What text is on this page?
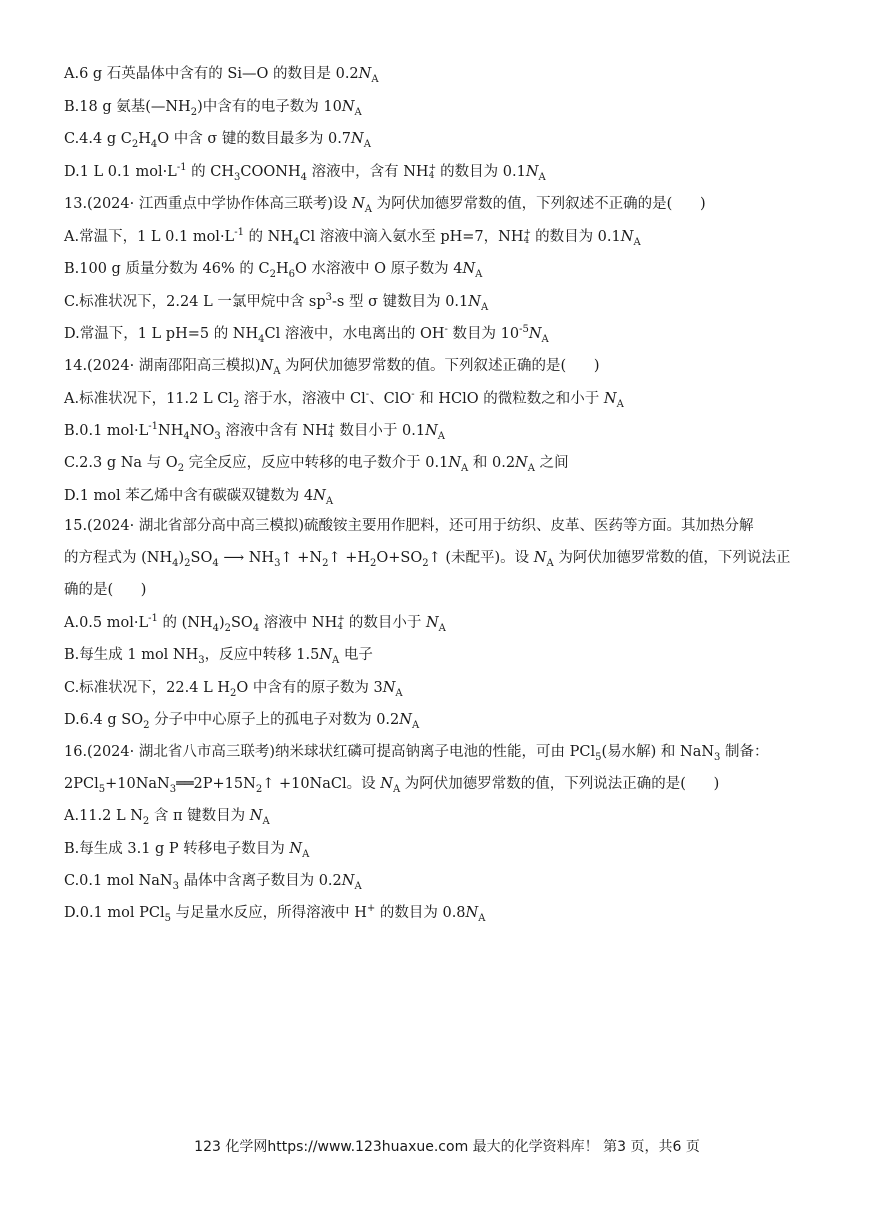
A.6 g 石英晶体中含有的 Si—O 的数目是 $0.2N_A$
B.18 g 氨基$(—NH_2)$中含有的电子数为 $10N_A$
C.4.4 g $C_2H_4O$ 中含 σ 键的数目最多为 $0.7N_A$
D.1 L 0.1 $mol\cdot L^{-1}$ 的 $CH_3COONH_4$ 溶液中，含有 NH +
4 的数目为 $0.1N_A$
13.(2024· 江西重点中学协作体高三联考)设 $N_A$ 为阿伏加德罗常数的值，下列叙述不正确的是(      )
A.常温下，1 L 0.1 $mol\cdot L^{-1}$ 的 $NH_4Cl$ 溶液中滴入氨水至 pH=7，NH +
4 的数目为 $0.1N_A$
B.100 g 质量分数为 46% 的 $C_2H_6O$ 水溶液中 O 原子数为 $4N_A$
C.标准状况下，2.24 L 一氯甲烷中含 $sp^3-s$ 型 σ 键数目为 $0.1N_A$
D.常温下，1 L pH=5 的 $NH_4Cl$ 溶液中，水电离出的 OH- 数目为 $10^{-5}N_A$
14.(2024· 湖南邵阳高三模拟)$N_A$ 为阿伏加德罗常数的值。下列叙述正确的是(      )
A.标准状况下，11.2 L $Cl_2$ 溶于水，溶液中 Cl-、ClO- 和 HClO 的微粒数之和小于 $N_A$
B.0.1 $mol\cdot L^{-1}NH_4NO_3$ 溶液中含有 NH +
4 数目小于 $0.1N_A$
C.2.3 g Na 与 $O_2$ 完全反应，反应中转移的电子数介于 $0.1N_A$ 和 $0.2N_A$ 之间
D.1 mol 苯乙烯中含有碳碳双键数为 $4N_A$
15.(2024· 湖北省部分高中高三模拟)硫酸铵主要用作肥料，还可用于纺织、皮革、医药等方面。其加热分解
的方程式为 $(NH_4)_2SO_4$ ⟶ $NH_3↑$ $+N_2↑$ $+H_2O+SO_2↑$ (未配平)。设 $N_A$ 为阿伏加德罗常数的值，下列说法正
确的是(      )
A.0.5 $mol\cdot L^{-1}$ 的 $(NH_4)_2SO_4$ 溶液中 NH +
4 的数目小于 $N_A$
B.每生成 1 mol $NH_3$，反应中转移 $1.5N_A$ 电子
C.标准状况下，22.4 L $H_2O$ 中含有的原子数为 $3N_A$
D.6.4 g $SO_2$ 分子中中心原子上的孤电子对数为 $0.2N_A$
16.(2024· 湖北省八市高三联考)纳米球状红磷可提高钠离子电池的性能，可由 PCl$_5$(易水解) 和 NaN$_3$ 制备：
$2PCl_5+10NaN_3══2P+15N_2↑$ +10NaCl。设 $N_A$ 为阿伏加德罗常数的值，下列说法正确的是(      )
A.11.2 L $N_2$ 含 π 键数目为 $N_A$
B.每生成 3.1 g P 转移电子数目为 $N_A$
C.0.1 mol NaN$_3$ 晶体中含离子数目为 $0.2N_A$
D.0.1 mol PCl$_5$ 与足量水反应，所得溶液中 H+ 的数目为 $0.8N_A$
123 化学网https://www.123huaxue.com 最大的化学资料库！ 第3 页，共6 页
